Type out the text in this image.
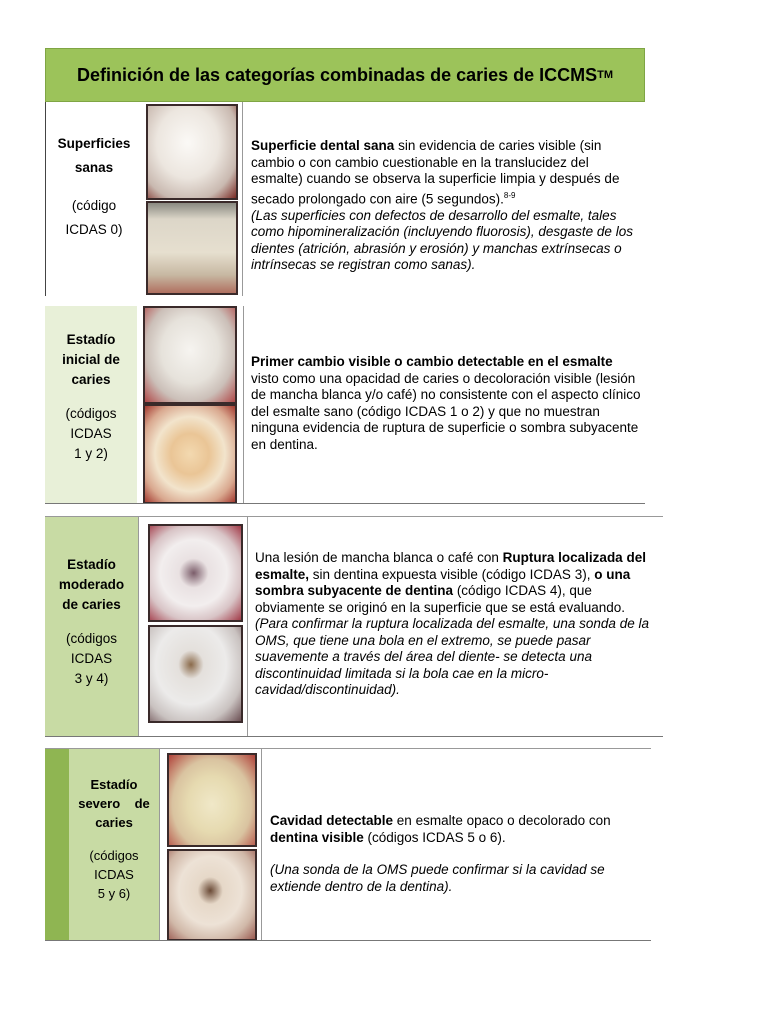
Definición de las categorías combinadas de caries de ICCMS TM
Superficies
sanas
(código
ICDAS 0)
Superficie dental sana sin evidencia de caries visible (sin cambio o con cambio cuestionable en la translucidez del esmalte) cuando se observa la superficie limpia y después de secado prolongado con aire (5 segundos).$^{8-9}$
(Las superficies con defectos de desarrollo del esmalte, tales como hipomineralización (incluyendo fluorosis), desgaste de los dientes (atrición, abrasión y erosión) y manchas extrínsecas o intrínsecas se registran como sanas).
Estadío
inicial de
caries
(códigos
ICDAS
1 y 2)
Primer cambio visible o cambio detectable en el esmalte visto como una opacidad de caries o decoloración visible (lesión de mancha blanca y/o café) no consistente con el aspecto clínico del esmalte sano (código ICDAS 1 o 2) y que no muestran ninguna evidencia de ruptura de superficie o sombra subyacente en dentina.
Estadío
moderado
de caries
(códigos
ICDAS
3 y 4)
Una lesión de mancha blanca o café con Ruptura localizada del esmalte, sin dentina expuesta visible (código ICDAS 3), o una sombra subyacente de dentina (código ICDAS 4), que obviamente se originó en la superficie que se está evaluando.
(Para confirmar la ruptura localizada del esmalte, una sonda de la OMS, que tiene una bola en el extremo, se puede pasar suavemente a través del área del diente- se detecta una discontinuidad limitada si la bola cae en la micro-cavidad/discontinuidad).
Estadío
severo    de
caries
(códigos
ICDAS
5 y 6)
Cavidad detectable en esmalte opaco o decolorado con dentina visible (códigos ICDAS 5 o 6).
(Una sonda de la OMS puede confirmar si la cavidad se extiende dentro de la dentina).
